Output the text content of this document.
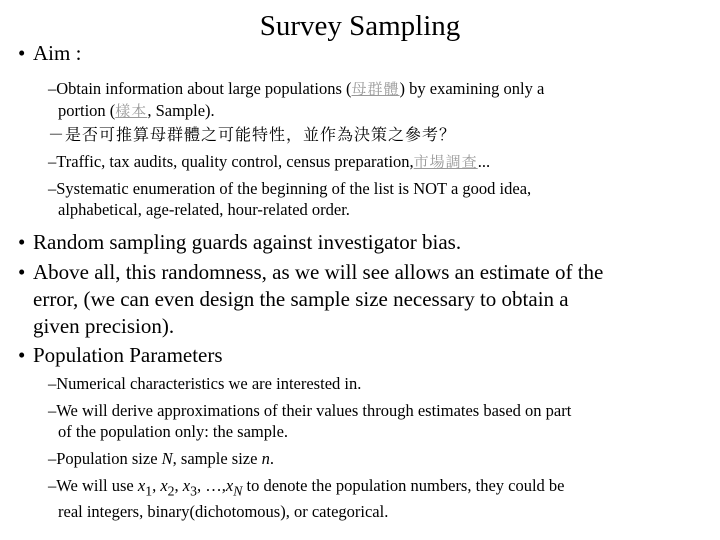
Survey Sampling
• Aim :
–Obtain information about large populations (母群體) by examining only a
portion (樣本, Sample).
－是否可推算母群體之可能特性，並作為決策之參考？
–Traffic, tax audits, quality control, census preparation,市場調查...
–Systematic enumeration of the beginning of the list is NOT a good idea,
alphabetical, age-related, hour-related order.
• Random sampling guards against investigator bias.
• Above all, this randomness, as we will see allows an estimate of the
error, (we can even design the sample size necessary to obtain a
given precision).
• Population Parameters
–Numerical characteristics we are interested in.
–We will derive approximations of their values through estimates based on part
of the population only: the sample.
–Population size N, sample size n.
–We will use $x_1$, $x_2$, $x_3$, $\dots,x_N$ to denote the population numbers, they could be
real integers, binary(dichotomous), or categorical.
